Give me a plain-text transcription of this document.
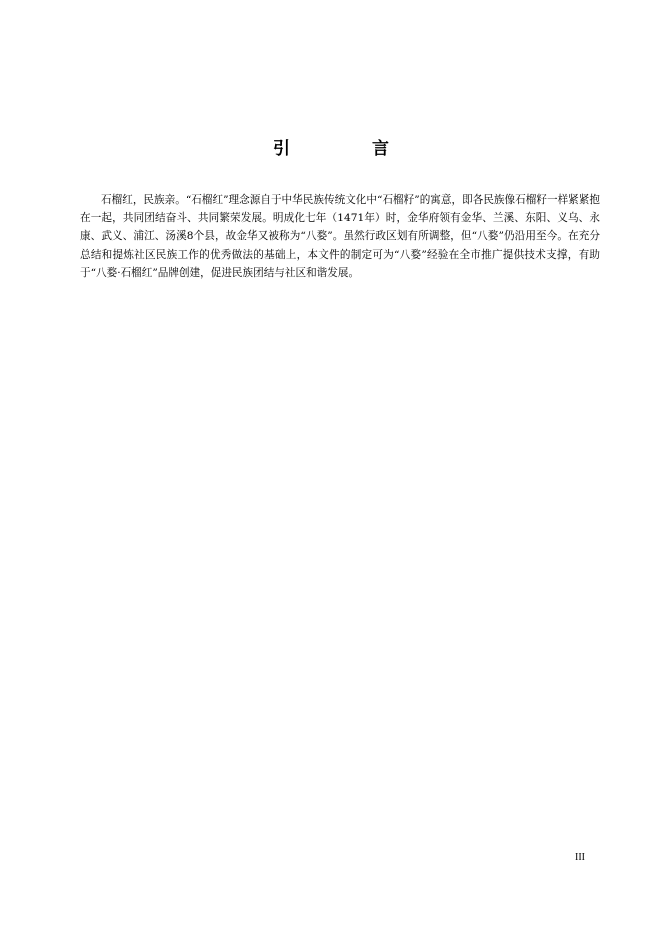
引 言

石榴红，民族亲。“石榴红”理念源自于中华民族传统文化中“石榴籽”的寓意，即各民族像石榴籽一样紧紧抱在一起，共同团结奋斗、共同繁荣发展。明成化七年（1471年）时，金华府领有金华、兰溪、东阳、义乌、永康、武义、浦江、汤溪8个县，故金华又被称为“八婺”。虽然行政区划有所调整，但“八婺”仍沿用至今。在充分总结和提炼社区民族工作的优秀做法的基础上，本文件的制定可为“八婺”经验在全市推广提供技术支撑，有助于“八婺·石榴红”品牌创建，促进民族团结与社区和谐发展。

III
